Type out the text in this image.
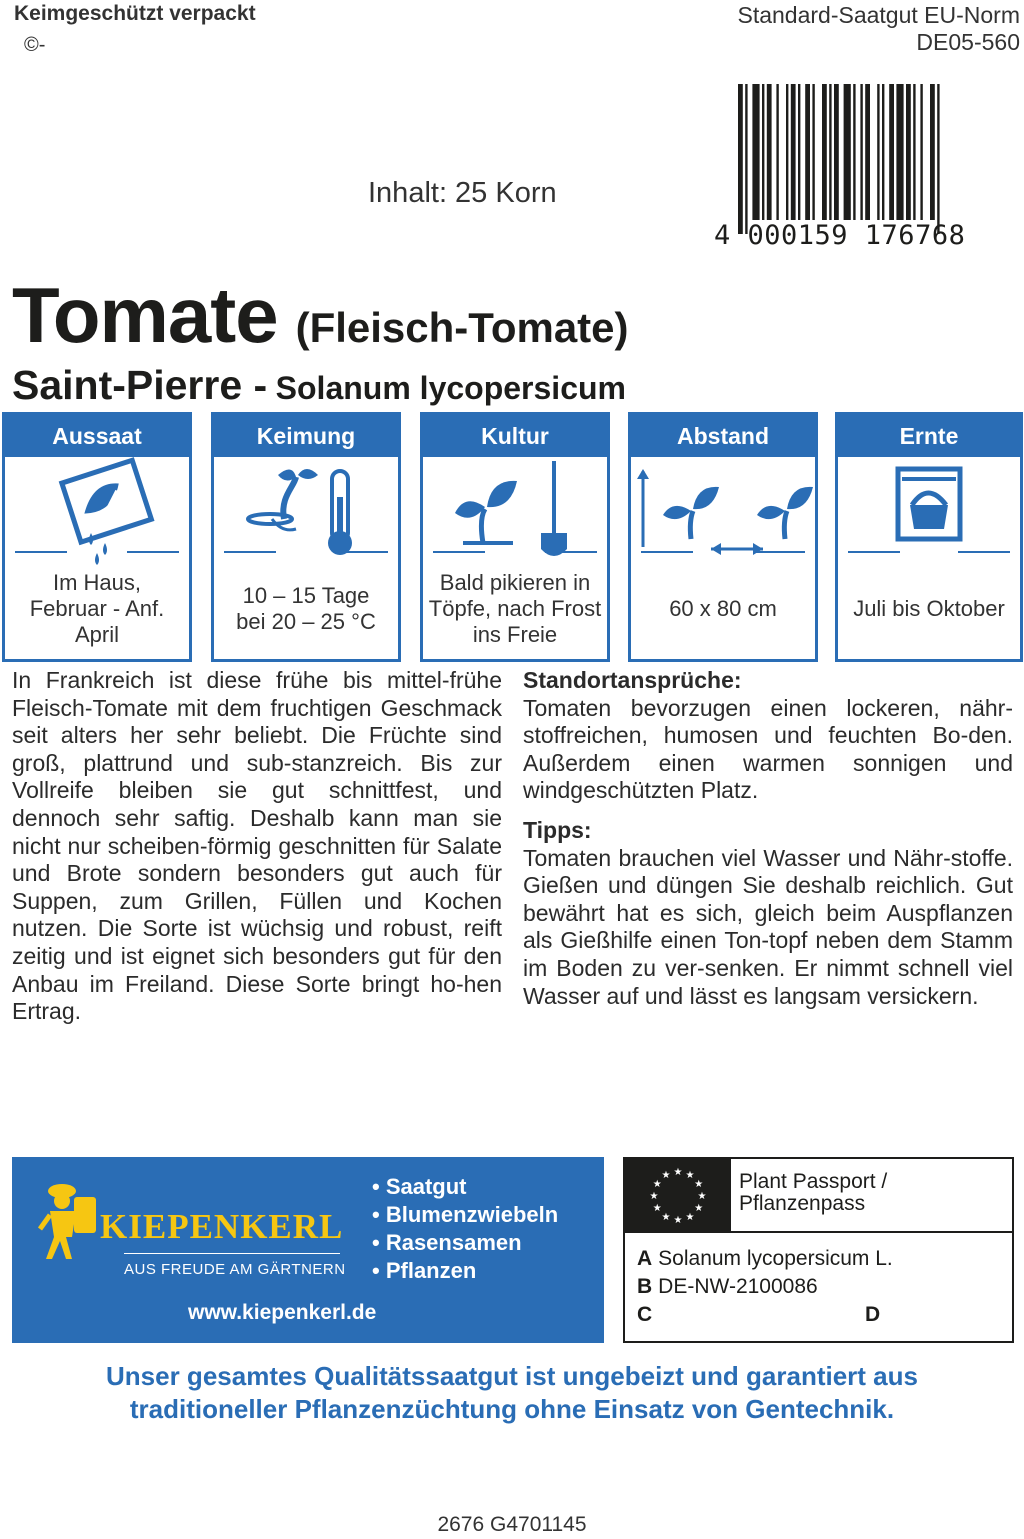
Keimgeschützt verpackt
©-
Standard-Saatgut EU-Norm
DE05-560
4 000159 176768
Inhalt: 25 Korn
Tomate (Fleisch-Tomate)
Saint-Pierre - Solanum lycopersicum
Aussaat
Im Haus,
Februar - Anf.
April
Keimung
10 – 15 Tage
bei 20 – 25 °C
Kultur
Bald pikieren in
Töpfe, nach Frost
ins Freie
Abstand
60 x 80 cm
Ernte
Juli bis Oktober
In Frankreich ist diese frühe bis mittel-frühe Fleisch-Tomate mit dem fruchtigen Geschmack seit alters her sehr beliebt. Die Früchte sind groß, plattrund und sub-stanzreich. Bis zur Vollreife bleiben sie gut schnittfest, und dennoch sehr saftig. Deshalb kann man sie nicht nur scheiben-förmig geschnitten für Salate und Brote sondern besonders gut auch für Suppen, zum Grillen, Füllen und Kochen nutzen. Die Sorte ist wüchsig und robust, reift zeitig und ist eignet sich besonders gut für den Anbau im Freiland. Diese Sorte bringt ho-hen Ertrag.
Standortansprüche:
Tomaten bevorzugen einen lockeren, nähr-stoffreichen, humosen und feuchten Bo-den. Außerdem einen warmen sonnigen und windgeschützten Platz.
Tipps:
Tomaten brauchen viel Wasser und Nähr-stoffe. Gießen und düngen Sie deshalb reichlich. Gut bewährt hat es sich, gleich beim Auspflanzen als Gießhilfe einen Ton-topf neben dem Stamm im Boden zu ver-senken. Er nimmt schnell viel Wasser auf und lässt es langsam versickern.
KIEPENKERL
AUS FREUDE AM GÄRTNERN
• Saatgut
• Blumenzwiebeln
• Rasensamen
• Pflanzen
www.kiepenkerl.de
★
★
★
★
★
★
★
★
★ ★ ★
★ Plant Passport /
Pflanzenpass
A Solanum lycopersicum L.
B DE-NW-2100086
C	D
Unser gesamtes Qualitätssaatgut ist ungebeizt und garantiert aus traditioneller Pflanzenzüchtung ohne Einsatz von Gentechnik.
2676 G4701145
